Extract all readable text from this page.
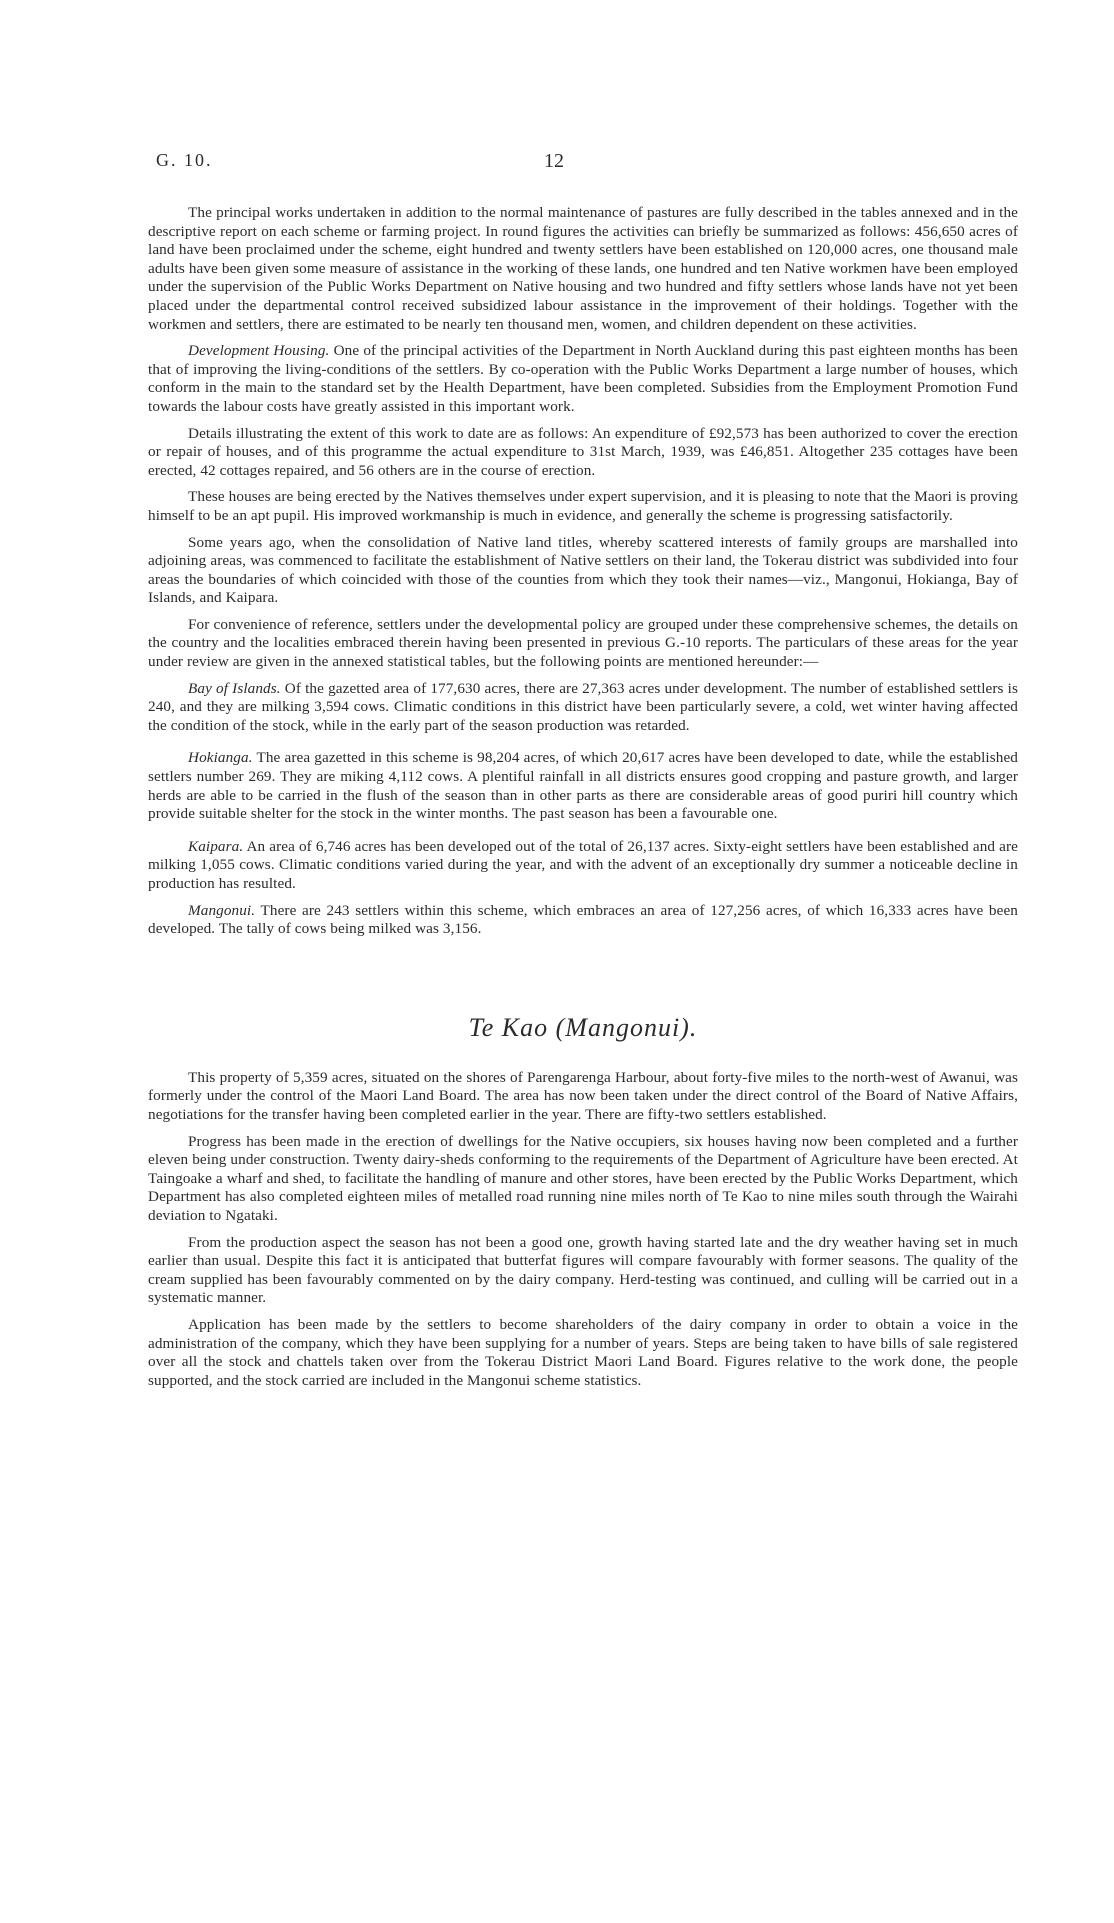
G. 10.	12

The principal works undertaken in addition to the normal maintenance of pastures are fully described in the tables annexed and in the descriptive report on each scheme or farming project. In round figures the activities can briefly be summarized as follows: 456,650 acres of land have been proclaimed under the scheme, eight hundred and twenty settlers have been established on 120,000 acres, one thousand male adults have been given some measure of assistance in the working of these lands, one hundred and ten Native workmen have been employed under the supervision of the Public Works Department on Native housing and two hundred and fifty settlers whose lands have not yet been placed under the departmental control received subsidized labour assistance in the improvement of their holdings. Together with the workmen and settlers, there are estimated to be nearly ten thousand men, women, and children dependent on these activities.

Development Housing. One of the principal activities of the Department in North Auckland during this past eighteen months has been that of improving the living-conditions of the settlers. By co-operation with the Public Works Department a large number of houses, which conform in the main to the standard set by the Health Department, have been completed. Subsidies from the Employment Promotion Fund towards the labour costs have greatly assisted in this important work.

Details illustrating the extent of this work to date are as follows: An expenditure of £92,573 has been authorized to cover the erection or repair of houses, and of this programme the actual expenditure to 31st March, 1939, was £46,851. Altogether 235 cottages have been erected, 42 cottages repaired, and 56 others are in the course of erection.

These houses are being erected by the Natives themselves under expert supervision, and it is pleasing to note that the Maori is proving himself to be an apt pupil. His improved workmanship is much in evidence, and generally the scheme is progressing satisfactorily.

Some years ago, when the consolidation of Native land titles, whereby scattered interests of family groups are marshalled into adjoining areas, was commenced to facilitate the establishment of Native settlers on their land, the Tokerau district was subdivided into four areas the boundaries of which coincided with those of the counties from which they took their names—viz., Mangonui, Hokianga, Bay of Islands, and Kaipara.

For convenience of reference, settlers under the developmental policy are grouped under these comprehensive schemes, the details on the country and the localities embraced therein having been presented in previous G.-10 reports. The particulars of these areas for the year under review are given in the annexed statistical tables, but the following points are mentioned hereunder:—

Bay of Islands. Of the gazetted area of 177,630 acres, there are 27,363 acres under development. The number of established settlers is 240, and they are milking 3,594 cows. Climatic conditions in this district have been particularly severe, a cold, wet winter having affected the condition of the stock, while in the early part of the season production was retarded.

Hokianga. The area gazetted in this scheme is 98,204 acres, of which 20,617 acres have been developed to date, while the established settlers number 269. They are miking 4,112 cows. A plentiful rainfall in all districts ensures good cropping and pasture growth, and larger herds are able to be carried in the flush of the season than in other parts as there are considerable areas of good puriri hill country which provide suitable shelter for the stock in the winter months. The past season has been a favourable one.

Kaipara. An area of 6,746 acres has been developed out of the total of 26,137 acres. Sixty-eight settlers have been established and are milking 1,055 cows. Climatic conditions varied during the year, and with the advent of an exceptionally dry summer a noticeable decline in production has resulted.

Mangonui. There are 243 settlers within this scheme, which embraces an area of 127,256 acres, of which 16,333 acres have been developed. The tally of cows being milked was 3,156.

Te Kao (Mangonui).

This property of 5,359 acres, situated on the shores of Parengarenga Harbour, about forty-five miles to the north-west of Awanui, was formerly under the control of the Maori Land Board. The area has now been taken under the direct control of the Board of Native Affairs, negotiations for the transfer having been completed earlier in the year. There are fifty-two settlers established.

Progress has been made in the erection of dwellings for the Native occupiers, six houses having now been completed and a further eleven being under construction. Twenty dairy-sheds conforming to the requirements of the Department of Agriculture have been erected. At Taingoake a wharf and shed, to facilitate the handling of manure and other stores, have been erected by the Public Works Department, which Department has also completed eighteen miles of metalled road running nine miles north of Te Kao to nine miles south through the Wairahi deviation to Ngataki.

From the production aspect the season has not been a good one, growth having started late and the dry weather having set in much earlier than usual. Despite this fact it is anticipated that butterfat figures will compare favourably with former seasons. The quality of the cream supplied has been favourably commented on by the dairy company. Herd-testing was continued, and culling will be carried out in a systematic manner.

Application has been made by the settlers to become shareholders of the dairy company in order to obtain a voice in the administration of the company, which they have been supplying for a number of years. Steps are being taken to have bills of sale registered over all the stock and chattels taken over from the Tokerau District Maori Land Board. Figures relative to the work done, the people supported, and the stock carried are included in the Mangonui scheme statistics.
